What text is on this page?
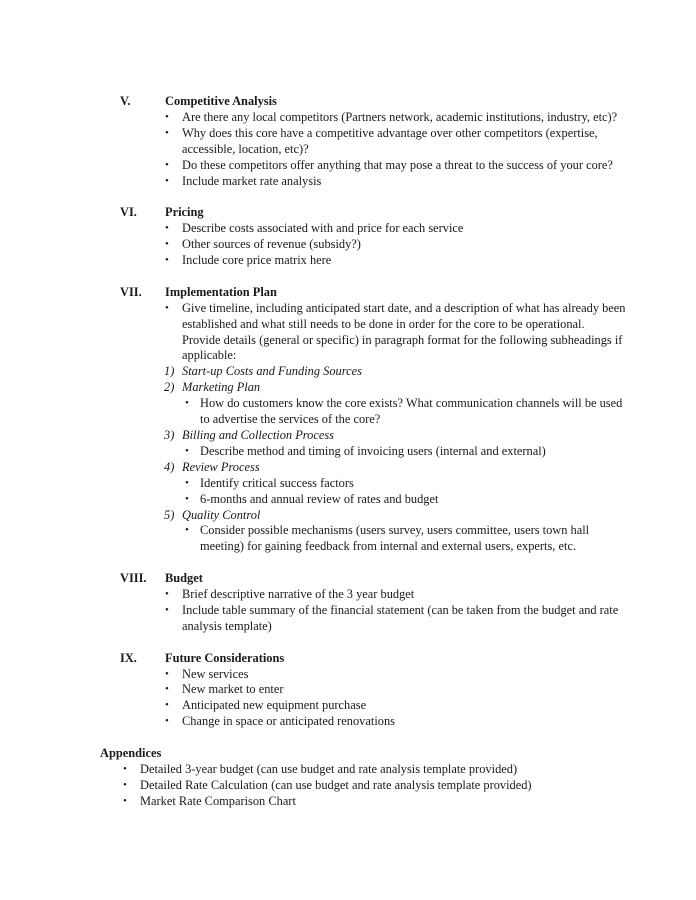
V.	Competitive Analysis
• Are there any local competitors (Partners network, academic institutions, industry, etc)?
• Why does this core have a competitive advantage over other competitors (expertise, accessible, location, etc)?
• Do these competitors offer anything that may pose a threat to the success of your core?
• Include market rate analysis
VI. Pricing
• Describe costs associated with and price for each service
• Other sources of revenue (subsidy?)
• Include core price matrix here
VII. Implementation Plan
• Give timeline, including anticipated start date, and a description of what has already been established and what still needs to be done in order for the core to be operational. Provide details (general or specific) in paragraph format for the following subheadings if applicable:
1) Start-up Costs and Funding Sources
2) Marketing Plan
• How do customers know the core exists? What communication channels will be used to advertise the services of the core?
3) Billing and Collection Process
• Describe method and timing of invoicing users (internal and external)
4) Review Process
• Identify critical success factors
• 6-months and annual review of rates and budget
5) Quality Control
• Consider possible mechanisms (users survey, users committee, users town hall meeting) for gaining feedback from internal and external users, experts, etc.
VIII. Budget
• Brief descriptive narrative of the 3 year budget
• Include table summary of the financial statement (can be taken from the budget and rate analysis template)
IX. Future Considerations
• New services
• New market to enter
• Anticipated new equipment purchase
• Change in space or anticipated renovations
Appendices
• Detailed 3-year budget (can use budget and rate analysis template provided)
• Detailed Rate Calculation (can use budget and rate analysis template provided)
• Market Rate Comparison Chart
